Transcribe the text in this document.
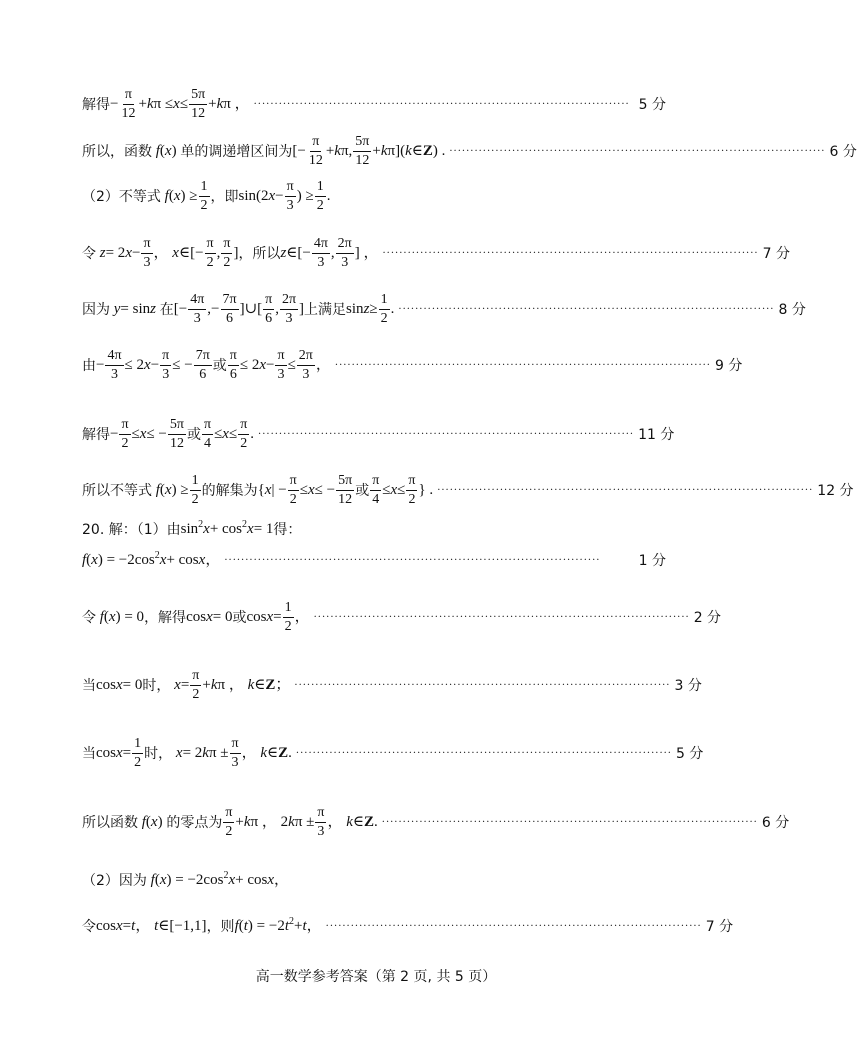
解得 − $\frac{\pi}{12} + k$ $\pi \le x \le \frac{5\pi}{12} + k$ π ， ·························································································· 5 分
所以，函数
f ( x ) 单的调递增区间为 [− $\frac{\pi}{12} + k$ π, $\frac{5\pi}{12} + k$ π]( k ∈ Z ) . ·························································································· 6 分
（2）不等式
f ( x ) ≥ $\frac{1}{2}$ ，即 sin(2 $x - \frac{\pi}{3}$ ) ≥ $\frac{1}{2}$ .
令
z = 2 $x - \frac{\pi}{3}$ ， x ∈[− $\frac{\pi}{2}$ , $\frac{\pi}{2}$ ] ，所以 z ∈[− $\frac{4\pi}{3}$ , $\frac{2\pi}{3}$ ] ， ·························································································· 7 分
因为
y = sin z
在 [− $\frac{4\pi}{3}$ ,− $\frac{7\pi}{6}$ ]∪[ $\frac{\pi}{6}$ , $\frac{2\pi}{3}$ ] 上满足 $\sin z \ge \frac{1}{2}$ . ·························································································· 8 分
由 − $\frac{4\pi}{3} \le 2$ $x - \frac{\pi}{3}$ ≤ − $\frac{7\pi}{6}$ 或 $\frac{\pi}{6} \le 2$ $x - \frac{\pi}{3} \le \frac{2\pi}{3}$ ， ·························································································· 9 分
解得 − $\frac{\pi}{2} \le x$ ≤ − $\frac{5\pi}{12}$ 或 $\frac{\pi}{4} \le x \le \frac{\pi}{2}$ . ·························································································· 11 分
所以不等式
f ( x ) ≥ $\frac{1}{2}$ 的解集为 { x | − $\frac{\pi}{2} \le x$ ≤ − $\frac{5\pi}{12}$ 或 $\frac{\pi}{4} \le x \le \frac{\pi}{2}$ } . ·························································································· 12 分
20. 解：（1）由 sin 2 x + cos 2 x = 1 得：
f ( x ) = −2cos 2 x + cos x ， ··························································································	1 分
令
f ( x ) = 0 ，解得 cos x = 0 或 $\cos x = \frac{1}{2}$ ， ·························································································· 2 分
当 cos x = 0 时，
$x = \frac{\pi}{2} + k$ π ， k ∈ Z ； ·························································································· 3 分
当 $\cos x = \frac{1}{2}$ 时，
x = 2 k $\pi \pm \frac{\pi}{3}$ ， k ∈ Z . ·························································································· 5 分
所以函数
f ( x ) 的零点为 $\frac{\pi}{2} + k$ π ， 2 k $\pi \pm \frac{\pi}{3}$ ， k ∈ Z . ·························································································· 6 分
（2）因为
f ( x ) = −2cos 2 x + cos x ，
令 cos x = t ， t ∈[−1,1] ，则 f ( t ) = −2 t 2 + t ， ·························································································· 7 分
高一数学参考答案（第 2 页, 共 5 页）
